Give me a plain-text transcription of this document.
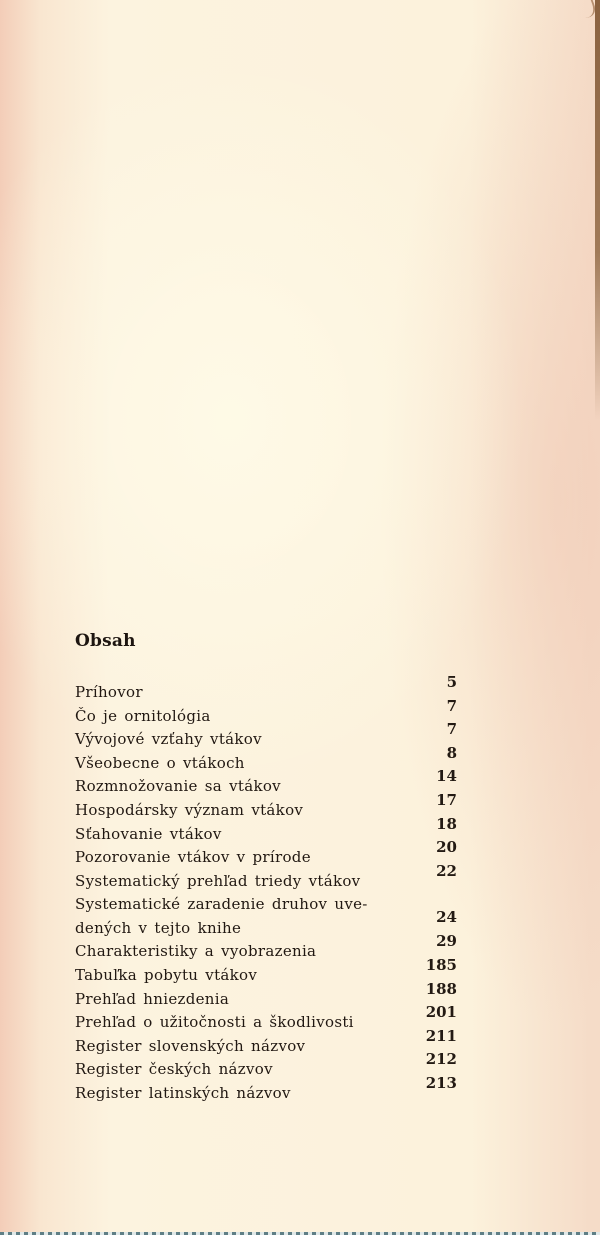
Obsah
Príhovor
5
Čo je ornitológia
7
Vývojové vzťahy vtákov
7
Všeobecne o vtákoch
8
Rozmnožovanie sa vtákov
14
Hospodársky význam vtákov
17
Sťahovanie vtákov
18
Pozorovanie vtákov v prírode
20
Systematický prehľad triedy vtákov
22
Systematické zaradenie druhov uve-
dených v tejto knihe
24
Charakteristiky a vyobrazenia
29
Tabuľka pobytu vtákov
185
Prehľad hniezdenia
188
Prehľad o užitočnosti a škodlivosti
201
Register slovenských názvov
211
Register českých názvov
212
Register latinských názvov
213
